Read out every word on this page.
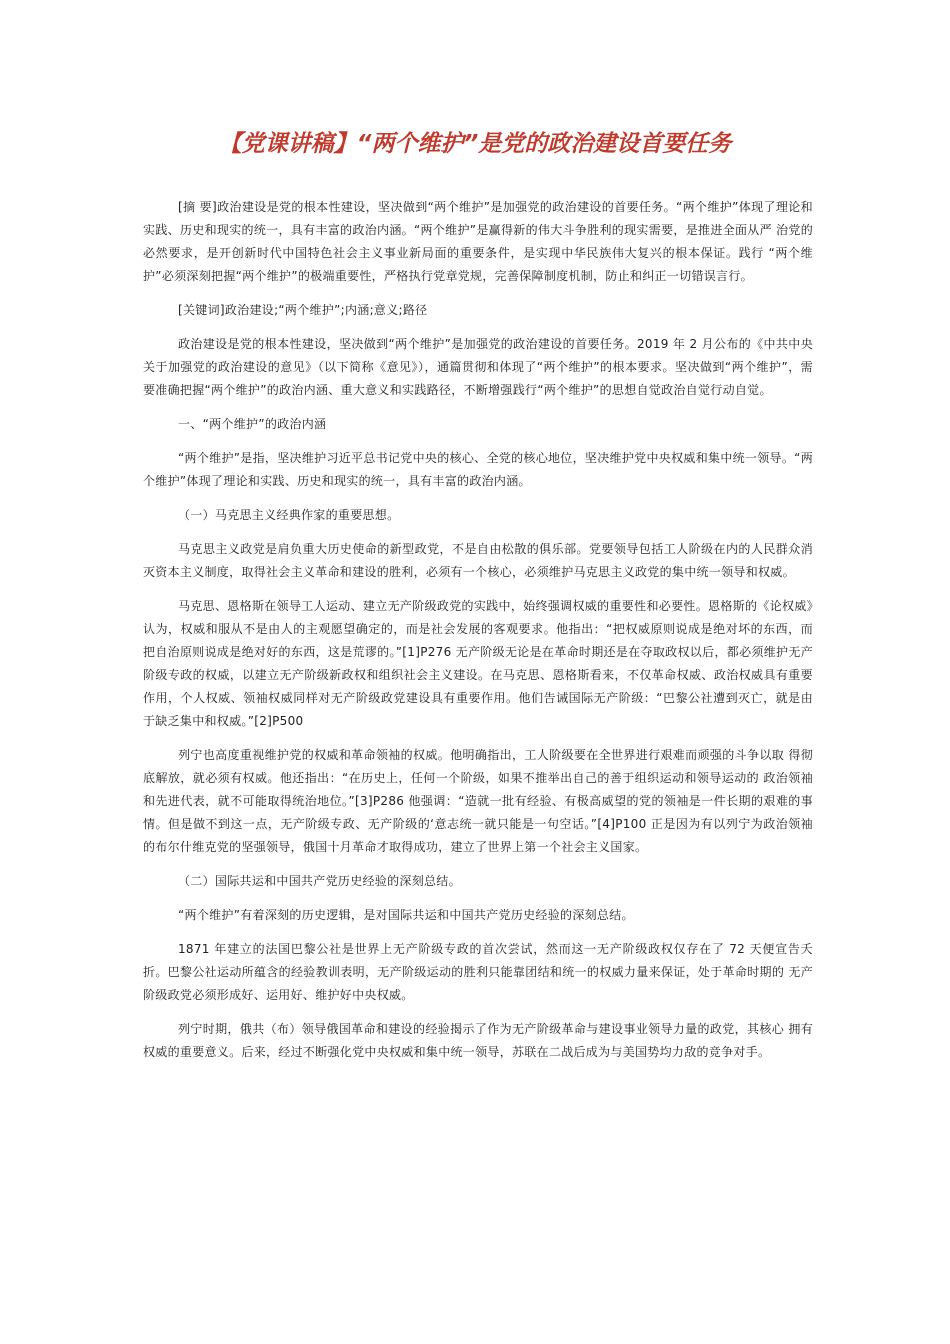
【党课讲稿】“两个维护”是党的政治建设首要任务

[摘 要]政治建设是党的根本性建设，坚决做到“两个维护”是加强党的政治建设的首要任务。“两个维护”体现了理论和实践、历史和现实的统一，具有丰富的政治内涵。“两个维护”是赢得新的伟大斗争胜利的现实需要，是推进全面从严 治党的必然要求，是开创新时代中国特色社会主义事业新局面的重要条件，是实现中华民族伟大复兴的根本保证。践行 “两个维护”必须深刻把握“两个维护”的极端重要性，严格执行党章党规，完善保障制度机制，防止和纠正一切错误言行。

[关键词]政治建设;“两个维护”;内涵;意义;路径

政治建设是党的根本性建设，坚决做到“两个维护”是加强党的政治建设的首要任务。2019 年 2 月公布的《中共中央关于加强党的政治建设的意见》（以下简称《意见》），通篇贯彻和体现了“两个维护”的根本要求。坚决做到“两个维护”，需要准确把握“两个维护”的政治内涵、重大意义和实践路径，不断增强践行“两个维护”的思想自觉政治自觉行动自觉。

一、“两个维护”的政治内涵

“两个维护”是指，坚决维护习近平总书记党中央的核心、全党的核心地位，坚决维护党中央权威和集中统一领导。“两个维护”体现了理论和实践、历史和现实的统一，具有丰富的政治内涵。

（一）马克思主义经典作家的重要思想。

马克思主义政党是肩负重大历史使命的新型政党，不是自由松散的俱乐部。党要领导包括工人阶级在内的人民群众消灭资本主义制度，取得社会主义革命和建设的胜利，必须有一个核心，必须维护马克思主义政党的集中统一领导和权威。

马克思、恩格斯在领导工人运动、建立无产阶级政党的实践中，始终强调权威的重要性和必要性。恩格斯的《论权威》认为，权威和服从不是由人的主观愿望确定的，而是社会发展的客观要求。他指出：“把权威原则说成是绝对坏的东西，而把自治原则说成是绝对好的东西，这是荒谬的。”[1]P276 无产阶级无论是在革命时期还是在夺取政权以后，都必须维护无产阶级专政的权威，以建立无产阶级新政权和组织社会主义建设。在马克思、恩格斯看来，不仅革命权威、政治权威具有重要作用，个人权威、领袖权威同样对无产阶级政党建设具有重要作用。他们告诫国际无产阶级：“巴黎公社遭到灭亡，就是由于缺乏集中和权威。”[2]P500

列宁也高度重视维护党的权威和革命领袖的权威。他明确指出，工人阶级要在全世界进行艰难而顽强的斗争以取 得彻底解放，就必须有权威。他还指出：“在历史上，任何一个阶级，如果不推举出自己的善于组织运动和领导运动的 政治领袖和先进代表，就不可能取得统治地位。”[3]P286 他强调：“造就一批有经验、有极高威望的党的领袖是一件长期的艰难的事情。但是做不到这一点，无产阶级专政、无产阶级的‘意志统一就只能是一句空话。”[4]P100 正是因为有以列宁为政治领袖的布尔什维克党的坚强领导，俄国十月革命才取得成功，建立了世界上第一个社会主义国家。

（二）国际共运和中国共产党历史经验的深刻总结。

“两个维护”有着深刻的历史逻辑，是对国际共运和中国共产党历史经验的深刻总结。

1871 年建立的法国巴黎公社是世界上无产阶级专政的首次尝试，然而这一无产阶级政权仅存在了 72 天便宣告夭折。巴黎公社运动所蕴含的经验教训表明，无产阶级运动的胜利只能靠团结和统一的权威力量来保证，处于革命时期的 无产阶级政党必须形成好、运用好、维护好中央权威。

列宁时期，俄共（布）领导俄国革命和建设的经验揭示了作为无产阶级革命与建设事业领导力量的政党，其核心 拥有权威的重要意义。后来，经过不断强化党中央权威和集中统一领导，苏联在二战后成为与美国势均力敌的竞争对手。
